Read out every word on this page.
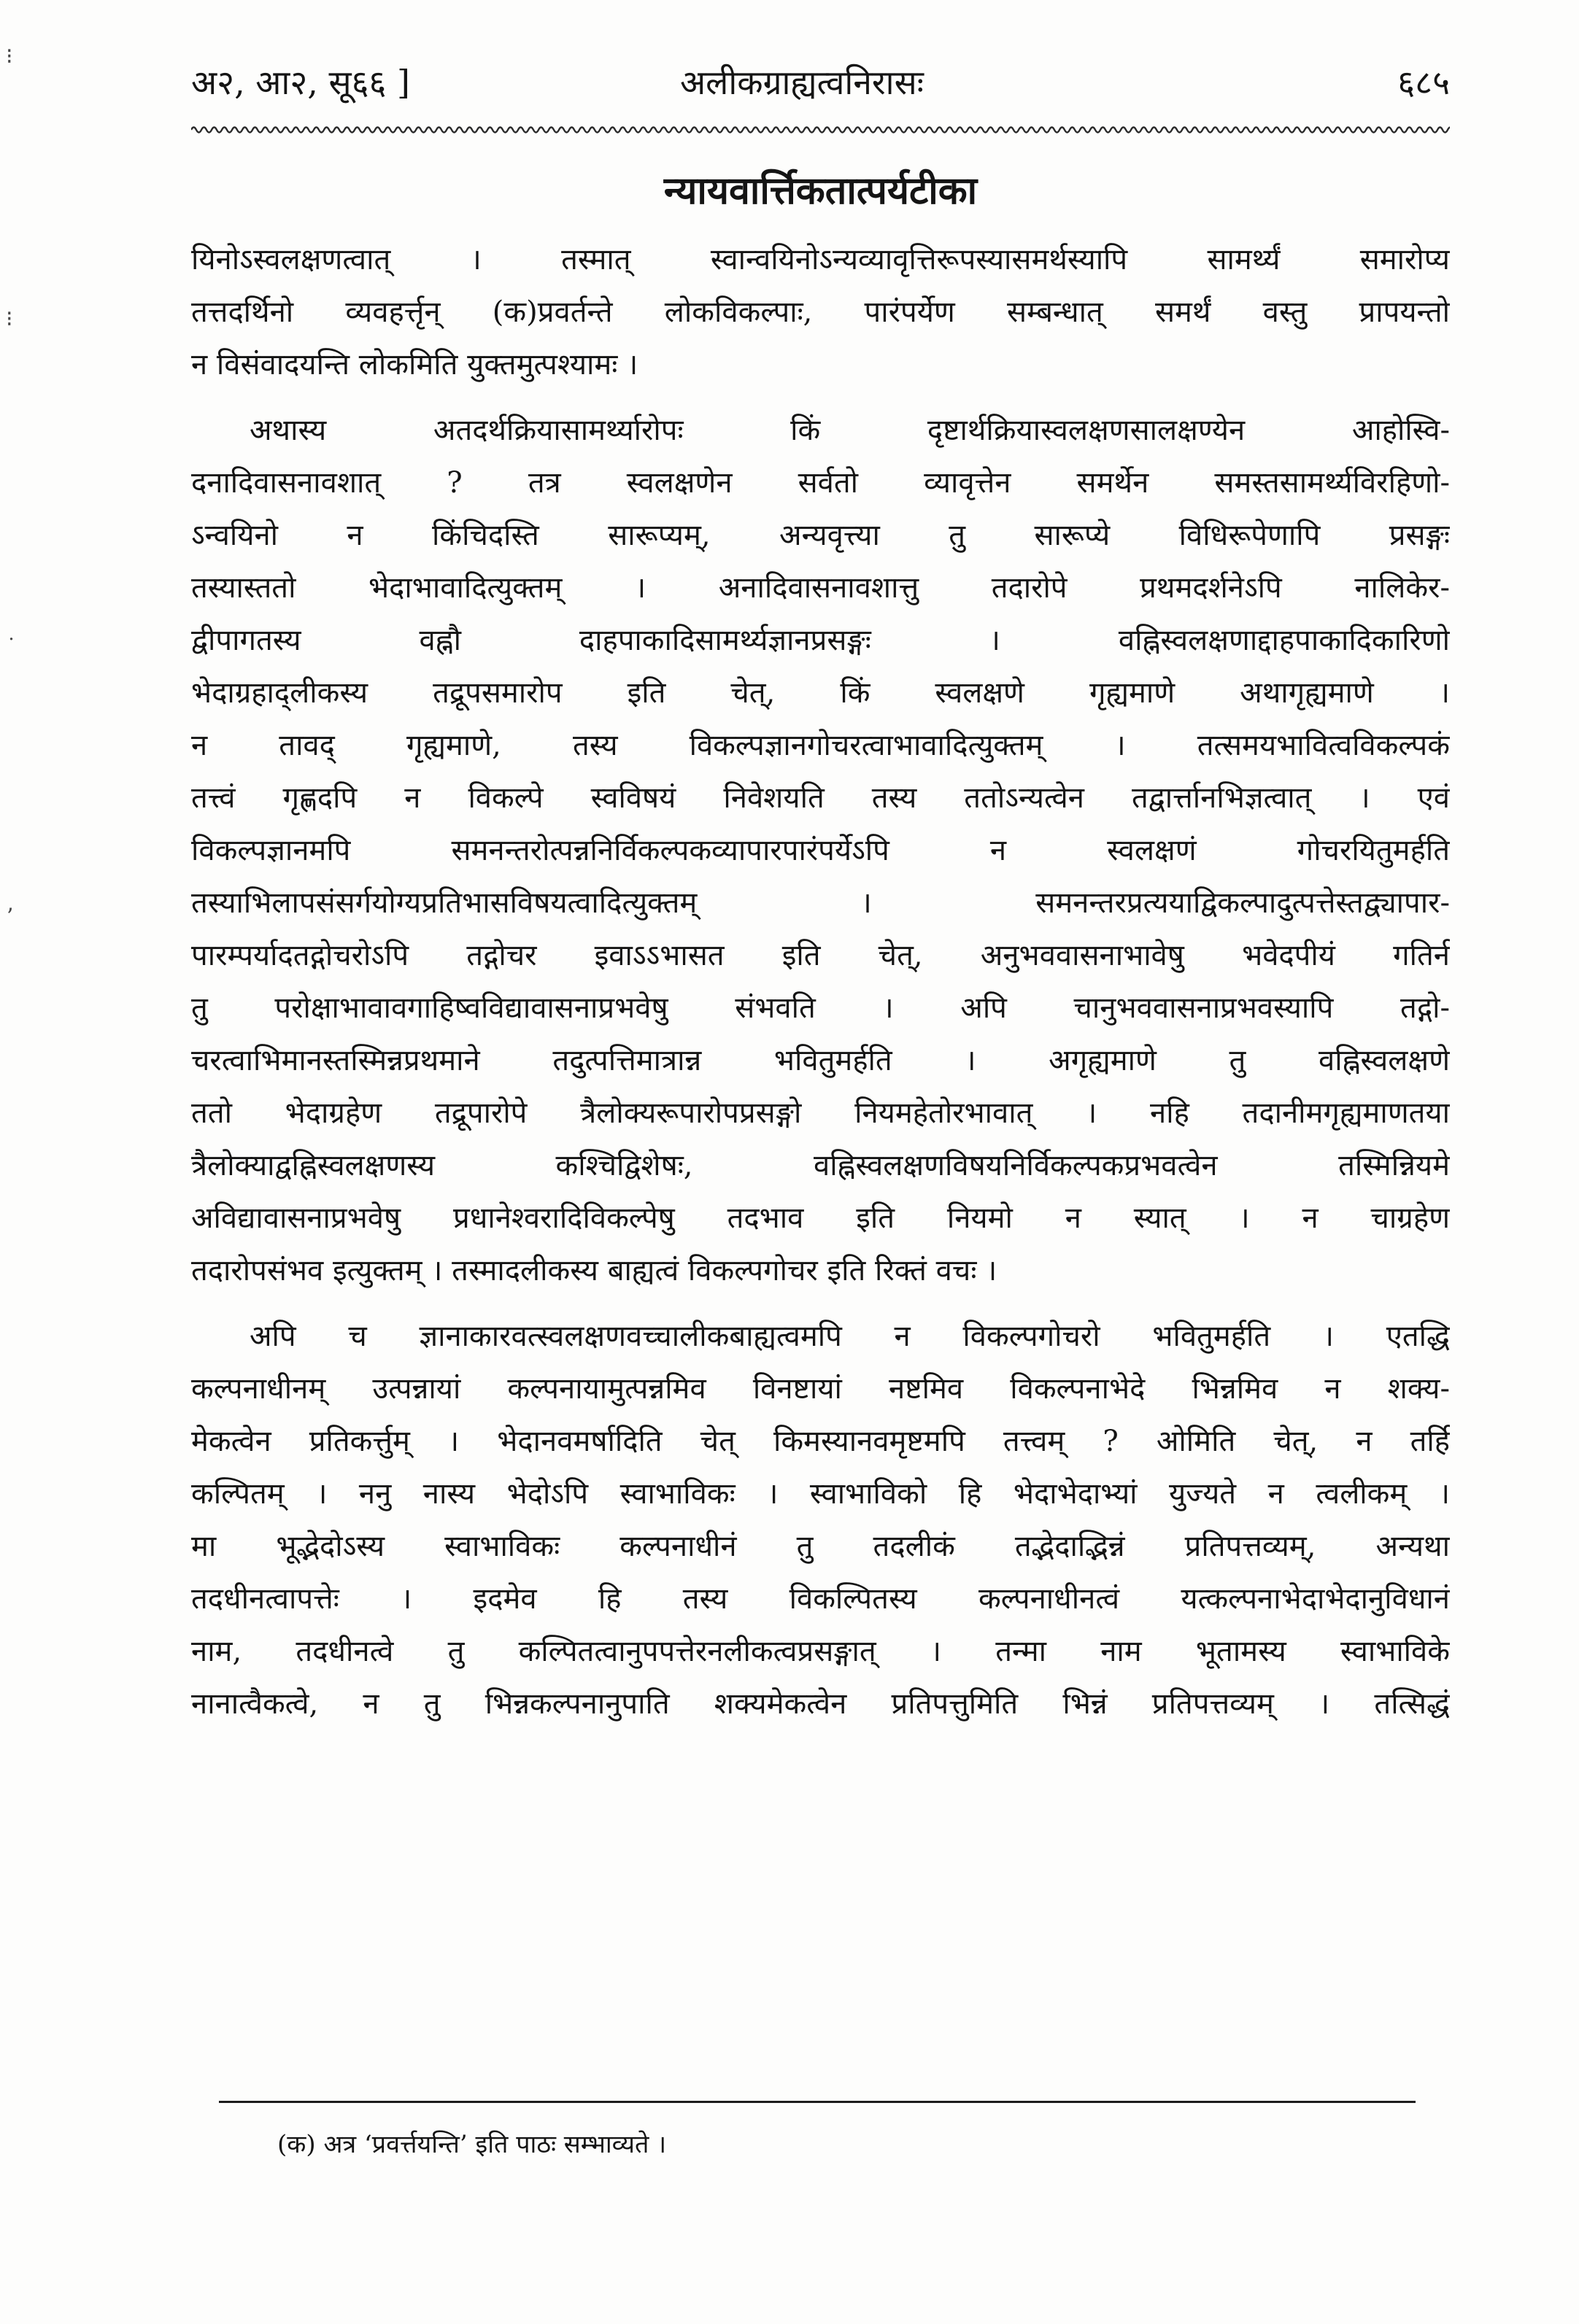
⁝
⁝
˙
ʼ
अ२, आ२, सू६६ ]	अलीकग्राह्यत्वनिरासः	६८५
न्यायवार्त्तिकतात्पर्यटीका
यिनोऽस्वलक्षणत्वात् । तस्मात् स्वान्वयिनोऽन्यव्यावृत्तिरूपस्यासमर्थस्यापि सामर्थ्यं समारोप्य
तत्तदर्थिनो व्यवहर्त्तृन् (क)प्रवर्तन्ते लोकविकल्पाः, पारंपर्येण सम्बन्धात् समर्थं वस्तु प्रापयन्तो
न विसंवादयन्ति लोकमिति युक्तमुत्पश्यामः ।
अथास्य अतदर्थक्रियासामर्थ्यारोपः किं दृष्टार्थक्रियास्वलक्षणसालक्षण्येन आहोस्वि-
दनादिवासनावशात् ? तत्र स्वलक्षणेन सर्वतो व्यावृत्तेन समर्थेन समस्तसामर्थ्यविरहिणो-
ऽन्वयिनो न किंचिदस्ति सारूप्यम्, अन्यवृत्त्या तु सारूप्ये विधिरूपेणापि प्रसङ्गः
तस्यास्ततो भेदाभावादित्युक्तम् । अनादिवासनावशात्तु तदारोपे प्रथमदर्शनेऽपि नालिकेर-
द्वीपागतस्य वह्नौ दाहपाकादिसामर्थ्यज्ञानप्रसङ्गः । वह्निस्वलक्षणाद्दाहपाकादिकारिणो
भेदाग्रहाद्लीकस्य तद्रूपसमारोप इति चेत्, किं स्वलक्षणे गृह्यमाणे अथागृह्यमाणे ।
न तावद् गृह्यमाणे, तस्य विकल्पज्ञानगोचरत्वाभावादित्युक्तम् । तत्समयभावित्वविकल्पकं
तत्त्वं गृह्णदपि न विकल्पे स्वविषयं निवेशयति तस्य ततोऽन्यत्वेन तद्वार्त्तानभिज्ञत्वात् । एवं
विकल्पज्ञानमपि समनन्तरोत्पन्ननिर्विकल्पकव्यापारपारंपर्येऽपि न स्वलक्षणं गोचरयितुमर्हति
तस्याभिलापसंसर्गयोग्यप्रतिभासविषयत्वादित्युक्तम् । समनन्तरप्रत्ययाद्विकल्पादुत्पत्तेस्तद्व्यापार-
पारम्पर्यादतद्गोचरोऽपि तद्गोचर इवाऽऽभासत इति चेत्, अनुभववासनाभावेषु भवेदपीयं गतिर्न
तु परोक्षाभावावगाहिष्वविद्यावासनाप्रभवेषु संभवति । अपि चानुभववासनाप्रभवस्यापि तद्गो-
चरत्वाभिमानस्तस्मिन्नप्रथमाने तदुत्पत्तिमात्रान्न भवितुमर्हति । अगृह्यमाणे तु वह्निस्वलक्षणे
ततो भेदाग्रहेण तद्रूपारोपे त्रैलोक्यरूपारोपप्रसङ्गो नियमहेतोरभावात् । नहि तदानीमगृह्यमाणतया
त्रैलोक्याद्वह्निस्वलक्षणस्य कश्चिद्विशेषः, वह्निस्वलक्षणविषयनिर्विकल्पकप्रभवत्वेन तस्मिन्नियमे
अविद्यावासनाप्रभवेषु प्रधानेश्वरादिविकल्पेषु तदभाव इति नियमो न स्यात् । न चाग्रहेण
तदारोपसंभव इत्युक्तम् । तस्मादलीकस्य बाह्यत्वं विकल्पगोचर इति रिक्तं वचः ।
अपि च ज्ञानाकारवत्स्वलक्षणवच्चालीकबाह्यत्वमपि न विकल्पगोचरो भवितुमर्हति । एतद्धि
कल्पनाधीनम् उत्पन्नायां कल्पनायामुत्पन्नमिव विनष्टायां नष्टमिव विकल्पनाभेदे भिन्नमिव न शक्य-
मेकत्वेन प्रतिकर्त्तुम् । भेदानवमर्षादिति चेत् किमस्यानवमृष्टमपि तत्त्वम् ? ओमिति चेत्, न तर्हि
कल्पितम् । ननु नास्य भेदोऽपि स्वाभाविकः । स्वाभाविको हि भेदाभेदाभ्यां युज्यते न त्वलीकम् ।
मा भूद्भेदोऽस्य स्वाभाविकः कल्पनाधीनं तु तदलीकं तद्भेदाद्भिन्नं प्रतिपत्तव्यम्, अन्यथा
तदधीनत्वापत्तेः । इदमेव हि तस्य विकल्पितस्य कल्पनाधीनत्वं यत्कल्पनाभेदाभेदानुविधानं
नाम, तदधीनत्वे तु कल्पितत्वानुपपत्तेरनलीकत्वप्रसङ्गात् । तन्मा नाम भूतामस्य स्वाभाविके
नानात्वैकत्वे, न तु भिन्नकल्पनानुपाति शक्यमेकत्वेन प्रतिपत्तुमिति भिन्नं प्रतिपत्तव्यम् । तत्सिद्धं
(क) अत्र ‘प्रवर्त्तयन्ति’ इति पाठः सम्भाव्यते ।
